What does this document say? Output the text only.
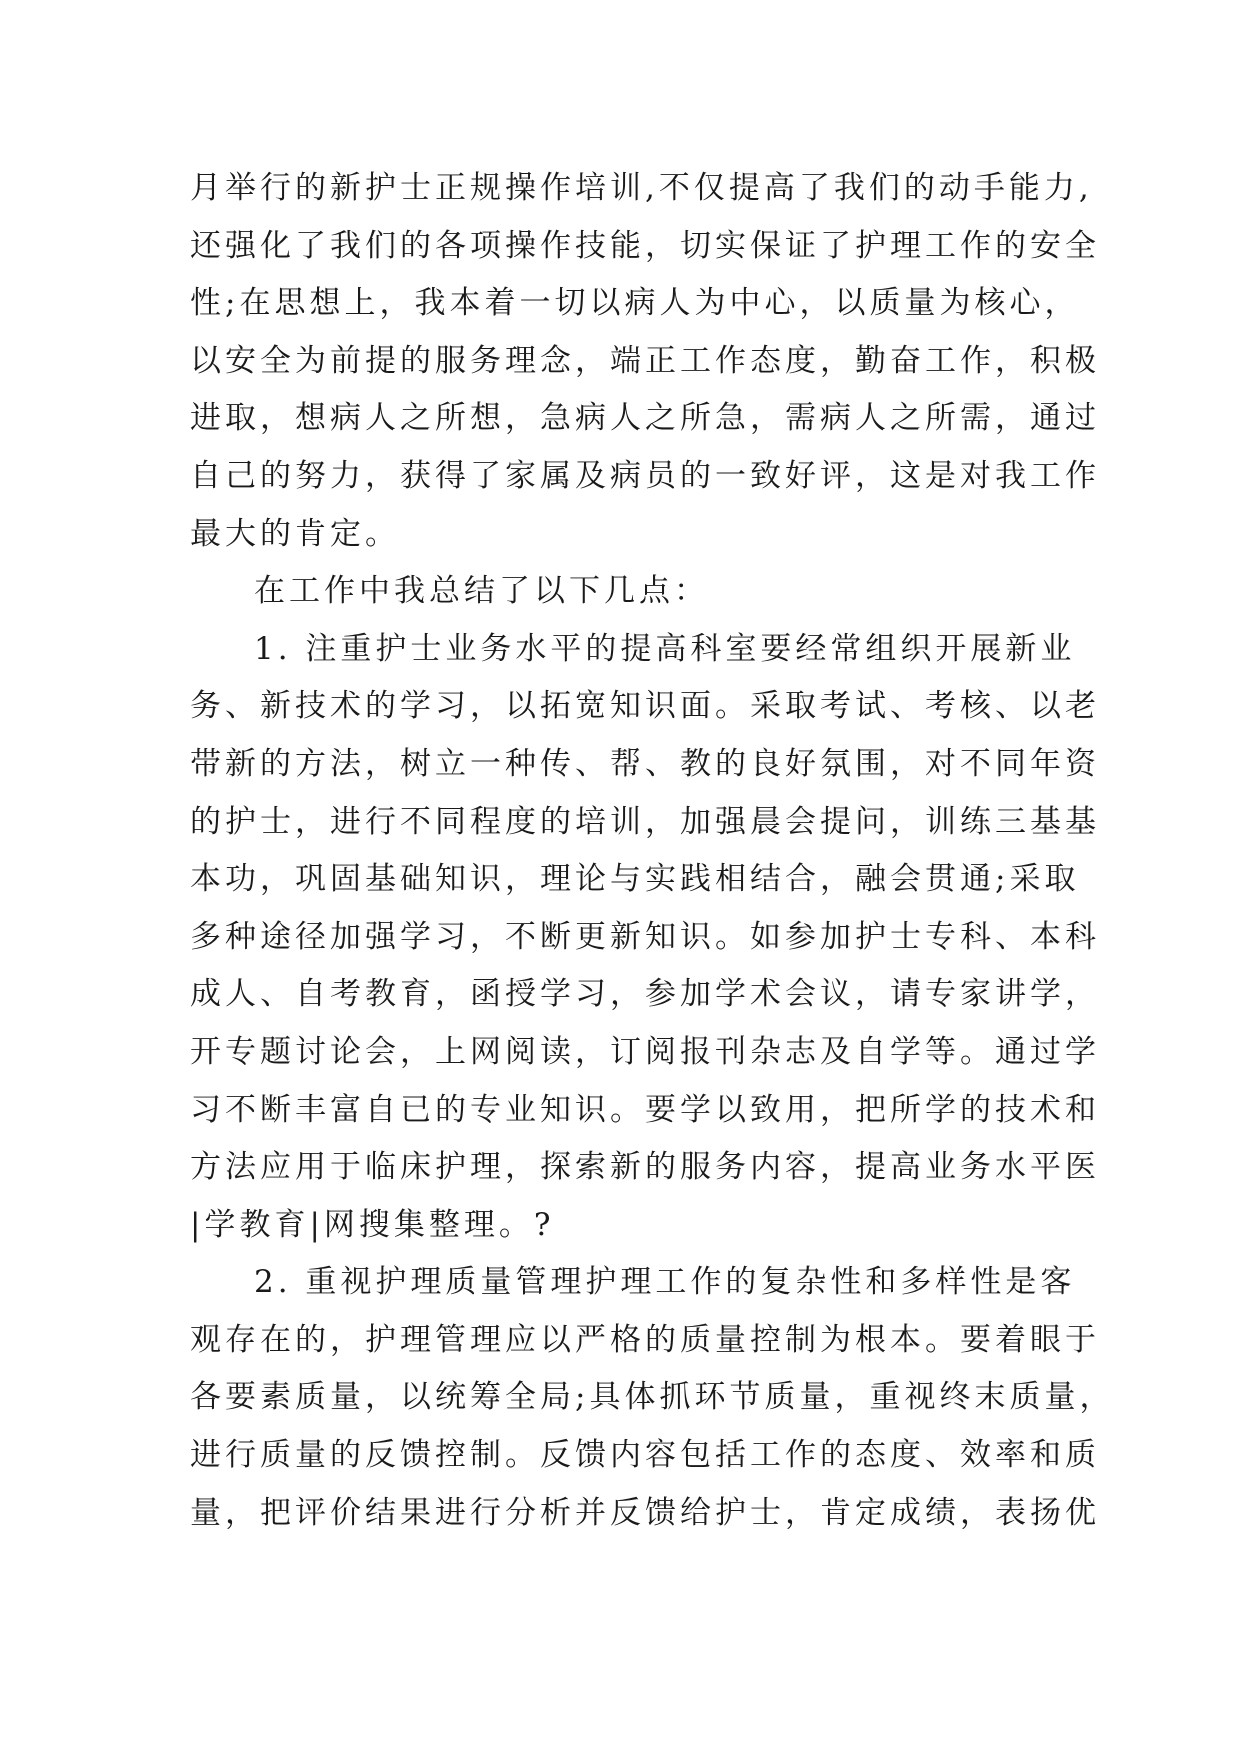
月举行的新护士正规操作培训,不仅提高了我们的动手能力,
还强化了我们的各项操作技能，切实保证了护理工作的安全
性;在思想上，我本着一切以病人为中心，以质量为核心，
以安全为前提的服务理念，端正工作态度，勤奋工作，积极
进取，想病人之所想，急病人之所急，需病人之所需，通过
自己的努力，获得了家属及病员的一致好评，这是对我工作
最大的肯定。
在工作中我总结了以下几点：
1. 注重护士业务水平的提高科室要经常组织开展新业
务、新技术的学习，以拓宽知识面。采取考试、考核、以老
带新的方法，树立一种传、帮、教的良好氛围，对不同年资
的护士，进行不同程度的培训，加强晨会提问，训练三基基
本功，巩固基础知识，理论与实践相结合，融会贯通;采取
多种途径加强学习，不断更新知识。如参加护士专科、本科
成人、自考教育，函授学习，参加学术会议，请专家讲学，
开专题讨论会，上网阅读，订阅报刊杂志及自学等。通过学
习不断丰富自已的专业知识。要学以致用，把所学的技术和
方法应用于临床护理，探索新的服务内容，提高业务水平医
|学教育|网搜集整理。?
2. 重视护理质量管理护理工作的复杂性和多样性是客
观存在的，护理管理应以严格的质量控制为根本。要着眼于
各要素质量，以统筹全局;具体抓环节质量，重视终末质量，
进行质量的反馈控制。反馈内容包括工作的态度、效率和质
量，把评价结果进行分析并反馈给护士，肯定成绩，表扬优
